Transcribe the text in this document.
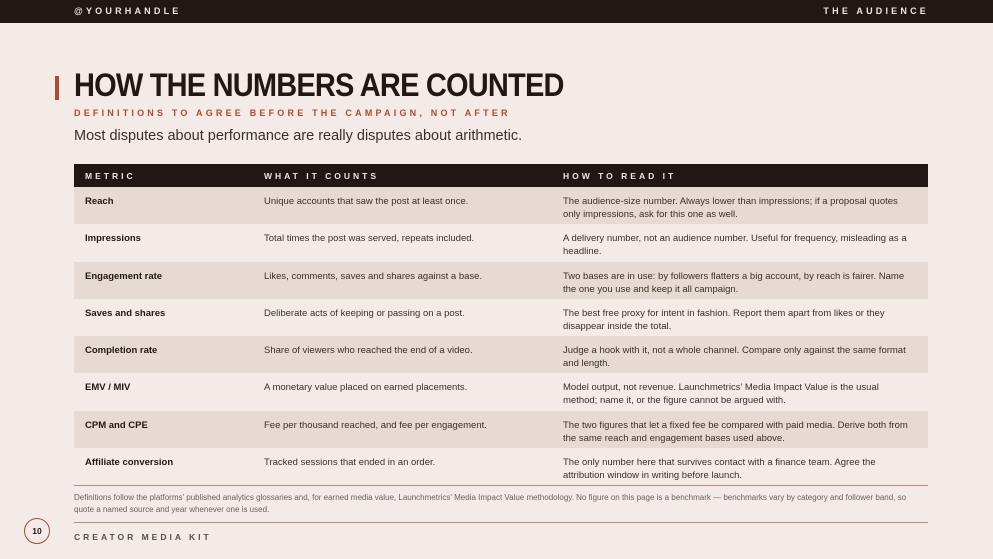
@YOURHANDLE	THE AUDIENCE
HOW THE NUMBERS ARE COUNTED
DEFINITIONS TO AGREE BEFORE THE CAMPAIGN, NOT AFTER
Most disputes about performance are really disputes about arithmetic.
METRIC	WHAT IT COUNTS	HOW TO READ IT
Reach	Unique accounts that saw the post at least once.	The audience-size number. Always lower than impressions; if a proposal quotes only impressions, ask for this one as well.
Impressions	Total times the post was served, repeats included.	A delivery number, not an audience number. Useful for frequency, misleading as a headline.
Engagement rate	Likes, comments, saves and shares against a base.	Two bases are in use: by followers flatters a big account, by reach is fairer. Name the one you use and keep it all campaign.
Saves and shares	Deliberate acts of keeping or passing on a post.	The best free proxy for intent in fashion. Report them apart from likes or they disappear inside the total.
Completion rate	Share of viewers who reached the end of a video.	Judge a hook with it, not a whole channel. Compare only against the same format and length.
EMV / MIV	A monetary value placed on earned placements.	Model output, not revenue. Launchmetrics' Media Impact Value is the usual method; name it, or the figure cannot be argued with.
CPM and CPE	Fee per thousand reached, and fee per engagement.	The two figures that let a fixed fee be compared with paid media. Derive both from the same reach and engagement bases used above.
Affiliate conversion	Tracked sessions that ended in an order.	The only number here that survives contact with a finance team. Agree the attribution window in writing before launch.
Definitions follow the platforms' published analytics glossaries and, for earned media value, Launchmetrics' Media Impact Value methodology. No figure on this page is a benchmark — benchmarks vary by category and follower band, so quote a named source and year whenever one is used.
10
CREATOR MEDIA KIT
